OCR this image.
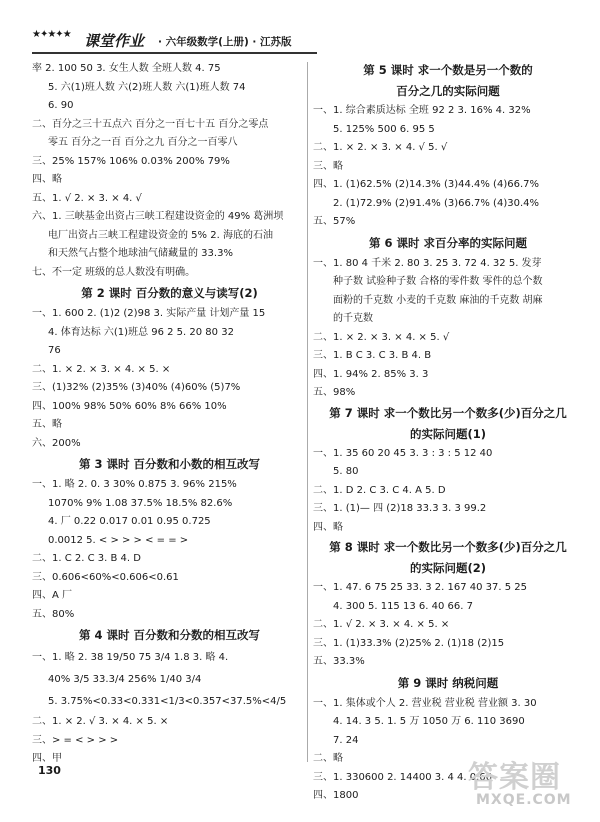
★✦★✦★ 课堂作业 · 六年级数学(上册) · 江苏版
率 2. 100 50 3. 女生人数 全班人数 4. 75
5. 六(1)班人数 六(2)班人数 六(1)班人数 74
6. 90
二、百分之三十五点六 百分之一百七十五 百分之零点
零五 百分之一百 百分之九 百分之一百零八
三、25% 157% 106% 0.03% 200% 79%
四、略
五、1. √ 2. × 3. × 4. √
六、1. 三峡基金出资占三峡工程建设资金的 49% 葛洲坝
电厂出资占三峡工程建设资金的 5% 2. 海底的石油
和天然气占整个地球油气储藏量的 33.3%
七、不一定 班级的总人数没有明确。
第 2 课时 百分数的意义与读写(2)
一、1. 600 2. (1)2 (2)98 3. 实际产量 计划产量 15
4. 体育达标 六(1)班总 96 2 5. 20 80 32
76
二、1. × 2. × 3. × 4. × 5. ×
三、(1)32% (2)35% (3)40% (4)60% (5)7%
四、100% 98% 50% 60% 8% 66% 10%
五、略
六、200%
第 3 课时 百分数和小数的相互改写
一、1. 略 2. 0. 3 30% 0.875 3. 96% 215%
1070% 9% 1.08 37.5% 18.5% 82.6%
4. 厂 0.22 0.017 0.01 0.95 0.725
0.0012 5. < > > > < = = >
二、1. C 2. C 3. B 4. D
三、0.606<60%<0.606<0.61
四、A 厂
五、80%
第 4 课时 百分数和分数的相互改写
一、1. 略 2. 38 19/50 75 3/4 1.8 3. 略 4.
40% 3/5 33.3/4 256% 1/40 3/4
5. 3.75%<0.33<0.331<1/3<0.357<37.5%<4/5
二、1. × 2. √ 3. × 4. × 5. ×
三、> = < > > >
四、甲
第 5 课时 求一个数是另一个数的
百分之几的实际问题
一、1. 综合素质达标 全班 92 2 3. 16% 4. 32%
5. 125% 500 6. 95 5
二、1. × 2. × 3. × 4. √ 5. √
三、略
四、1. (1)62.5% (2)14.3% (3)44.4% (4)66.7%
2. (1)72.9% (2)91.4% (3)66.7% (4)30.4%
五、57%
第 6 课时 求百分率的实际问题
一、1. 80 4 千米 2. 80 3. 25 3. 72 4. 32 5. 发芽
种子数 试验种子数 合格的零件数 零件的总个数
面粉的千克数 小麦的千克数 麻油的千克数 胡麻
的千克数
二、1. × 2. × 3. × 4. × 5. √
三、1. B C 3. C 3. B 4. B
四、1. 94% 2. 85% 3. 3
五、98%
第 7 课时 求一个数比另一个数多(少)百分之几
的实际问题(1)
一、1. 35 60 20 45 3. 3 : 3 : 5 12 40
5. 80
二、1. D 2. C 3. C 4. A 5. D
三、1. (1)— 四 (2)18 33.3 3. 3 99.2
四、略
第 8 课时 求一个数比另一个数多(少)百分之几
的实际问题(2)
一、1. 47. 6 75 25 33. 3 2. 167 40 37. 5 25
4. 300 5. 115 13 6. 40 66. 7
二、1. √ 2. × 3. × 4. × 5. ×
三、1. (1)33.3% (2)25% 2. (1)18 (2)15
五、33.3%
第 9 课时 纳税问题
一、1. 集体或个人 2. 营业税 营业税 营业额 3. 30
4. 14. 3 5. 1. 5 万 1050 万 6. 110 3690
7. 24
二、略
三、1. 330600 2. 14400 3. 4 4. 0.66
四、1800
130	答案圈
MXQE.COM
